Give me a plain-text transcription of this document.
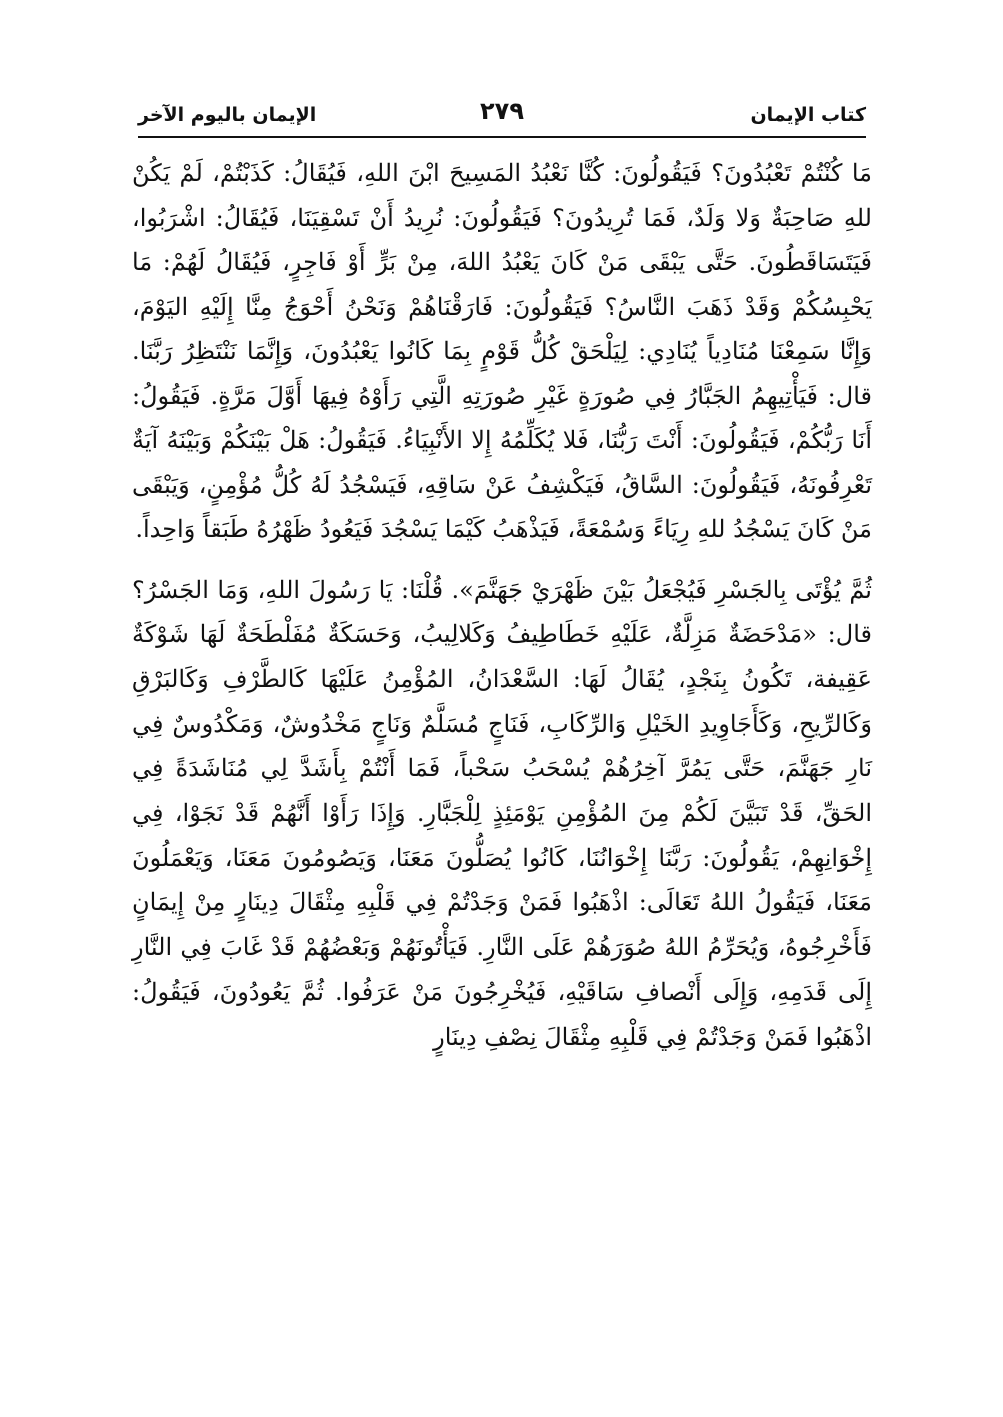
كتاب الإيمان
٢٧٩
الإيمان باليوم الآخر

مَا كُنْتُمْ تَعْبُدُونَ؟ فَيَقُولُونَ: كُنَّا نَعْبُدُ المَسِيحَ ابْنَ اللهِ، فَيُقَالُ: كَذَبْتُمْ، لَمْ يَكُنْ للهِ صَاحِبَةٌ وَلا وَلَدٌ، فَمَا تُرِيدُونَ؟ فَيَقُولُونَ: نُرِيدُ أَنْ تَسْقِيَنَا، فَيُقَالُ: اشْرَبُوا، فَيَتَسَاقَطُونَ. حَتَّى يَبْقَى مَنْ كَانَ يَعْبُدُ اللهَ، مِنْ بَرٍّ أَوْ فَاجِرٍ، فَيُقَالُ لَهُمْ: مَا يَحْبِسُكُمْ وَقَدْ ذَهَبَ النَّاسُ؟ فَيَقُولُونَ: فَارَقْنَاهُمْ وَنَحْنُ أَحْوَجُ مِنَّا إِلَيْهِ اليَوْمَ، وَإِنَّا سَمِعْنَا مُنَادِياً يُنَادِي: لِيَلْحَقْ كُلُّ قَوْمٍ بِمَا كَانُوا يَعْبُدُونَ، وَإِنَّمَا نَنْتَظِرُ رَبَّنَا. قال: فَيَأْتِيهِمُ الجَبَّارُ فِي صُورَةٍ غَيْرِ صُورَتِهِ الَّتِي رَأَوْهُ فِيهَا أَوَّلَ مَرَّةٍ. فَيَقُولُ: أَنَا رَبُّكُمْ، فَيَقُولُونَ: أَنْتَ رَبُّنَا، فَلا يُكَلِّمُهُ إِلا الأَنْبِيَاءُ. فَيَقُولُ: هَلْ بَيْنَكُمْ وَبَيْنَهُ آيَةٌ تَعْرِفُونَهُ، فَيَقُولُونَ: السَّاقُ، فَيَكْشِفُ عَنْ سَاقِهِ، فَيَسْجُدُ لَهُ كُلُّ مُؤْمِنٍ، وَيَبْقَى مَنْ كَانَ يَسْجُدُ للهِ رِيَاءً وَسُمْعَةً، فَيَذْهَبُ كَيْمَا يَسْجُدَ فَيَعُودُ ظَهْرُهُ طَبَقاً وَاحِداً.

ثُمَّ يُؤْتَى بِالجَسْرِ فَيُجْعَلُ بَيْنَ ظَهْرَيْ جَهَنَّمَ». قُلْنَا: يَا رَسُولَ اللهِ، وَمَا الجَسْرُ؟ قال: «مَدْحَضَةٌ مَزِلَّةٌ، عَلَيْهِ خَطَاطِيفُ وَكَلالِيبُ، وَحَسَكَةٌ مُفَلْطَحَةٌ لَهَا شَوْكَةٌ عَقِيفة، تَكُونُ بِنَجْدٍ، يُقَالُ لَهَا: السَّعْدَانُ، المُؤْمِنُ عَلَيْهَا كَالطَّرْفِ وَكَالبَرْقِ وَكَالرِّيحِ، وَكَأَجَاوِيدِ الخَيْلِ وَالرِّكَابِ، فَنَاجٍ مُسَلَّمٌ وَنَاجٍ مَخْدُوشٌ، وَمَكْدُوسٌ فِي نَارِ جَهَنَّمَ، حَتَّى يَمُرَّ آخِرُهُمْ يُسْحَبُ سَحْباً، فَمَا أَنْتُمْ بِأَشَدَّ لِي مُنَاشَدَةً فِي الحَقِّ، قَدْ تَبَيَّنَ لَكُمْ مِنَ المُؤْمِنِ يَوْمَئِذٍ لِلْجَبَّارِ. وَإِذَا رَأَوْا أَنَّهُمْ قَدْ نَجَوْا، فِي إِخْوَانِهِمْ، يَقُولُونَ: رَبَّنَا إِخْوَانُنَا، كَانُوا يُصَلُّونَ مَعَنَا، وَيَصُومُونَ مَعَنَا، وَيَعْمَلُونَ مَعَنَا، فَيَقُولُ اللهُ تَعَالَى: اذْهَبُوا فَمَنْ وَجَدْتُمْ فِي قَلْبِهِ مِثْقَالَ دِينَارٍ مِنْ إِيمَانٍ فَأَخْرِجُوهُ، وَيُحَرِّمُ اللهُ صُوَرَهُمْ عَلَى النَّارِ. فَيَأْتُونَهُمْ وَبَعْضُهُمْ قَدْ غَابَ فِي النَّارِ إِلَى قَدَمِهِ، وَإِلَى أَنْصافِ سَاقَيْهِ، فَيُخْرِجُونَ مَنْ عَرَفُوا. ثُمَّ يَعُودُونَ، فَيَقُولُ: اذْهَبُوا فَمَنْ وَجَدْتُمْ فِي قَلْبِهِ مِثْقَالَ نِصْفِ دِينَارٍ
